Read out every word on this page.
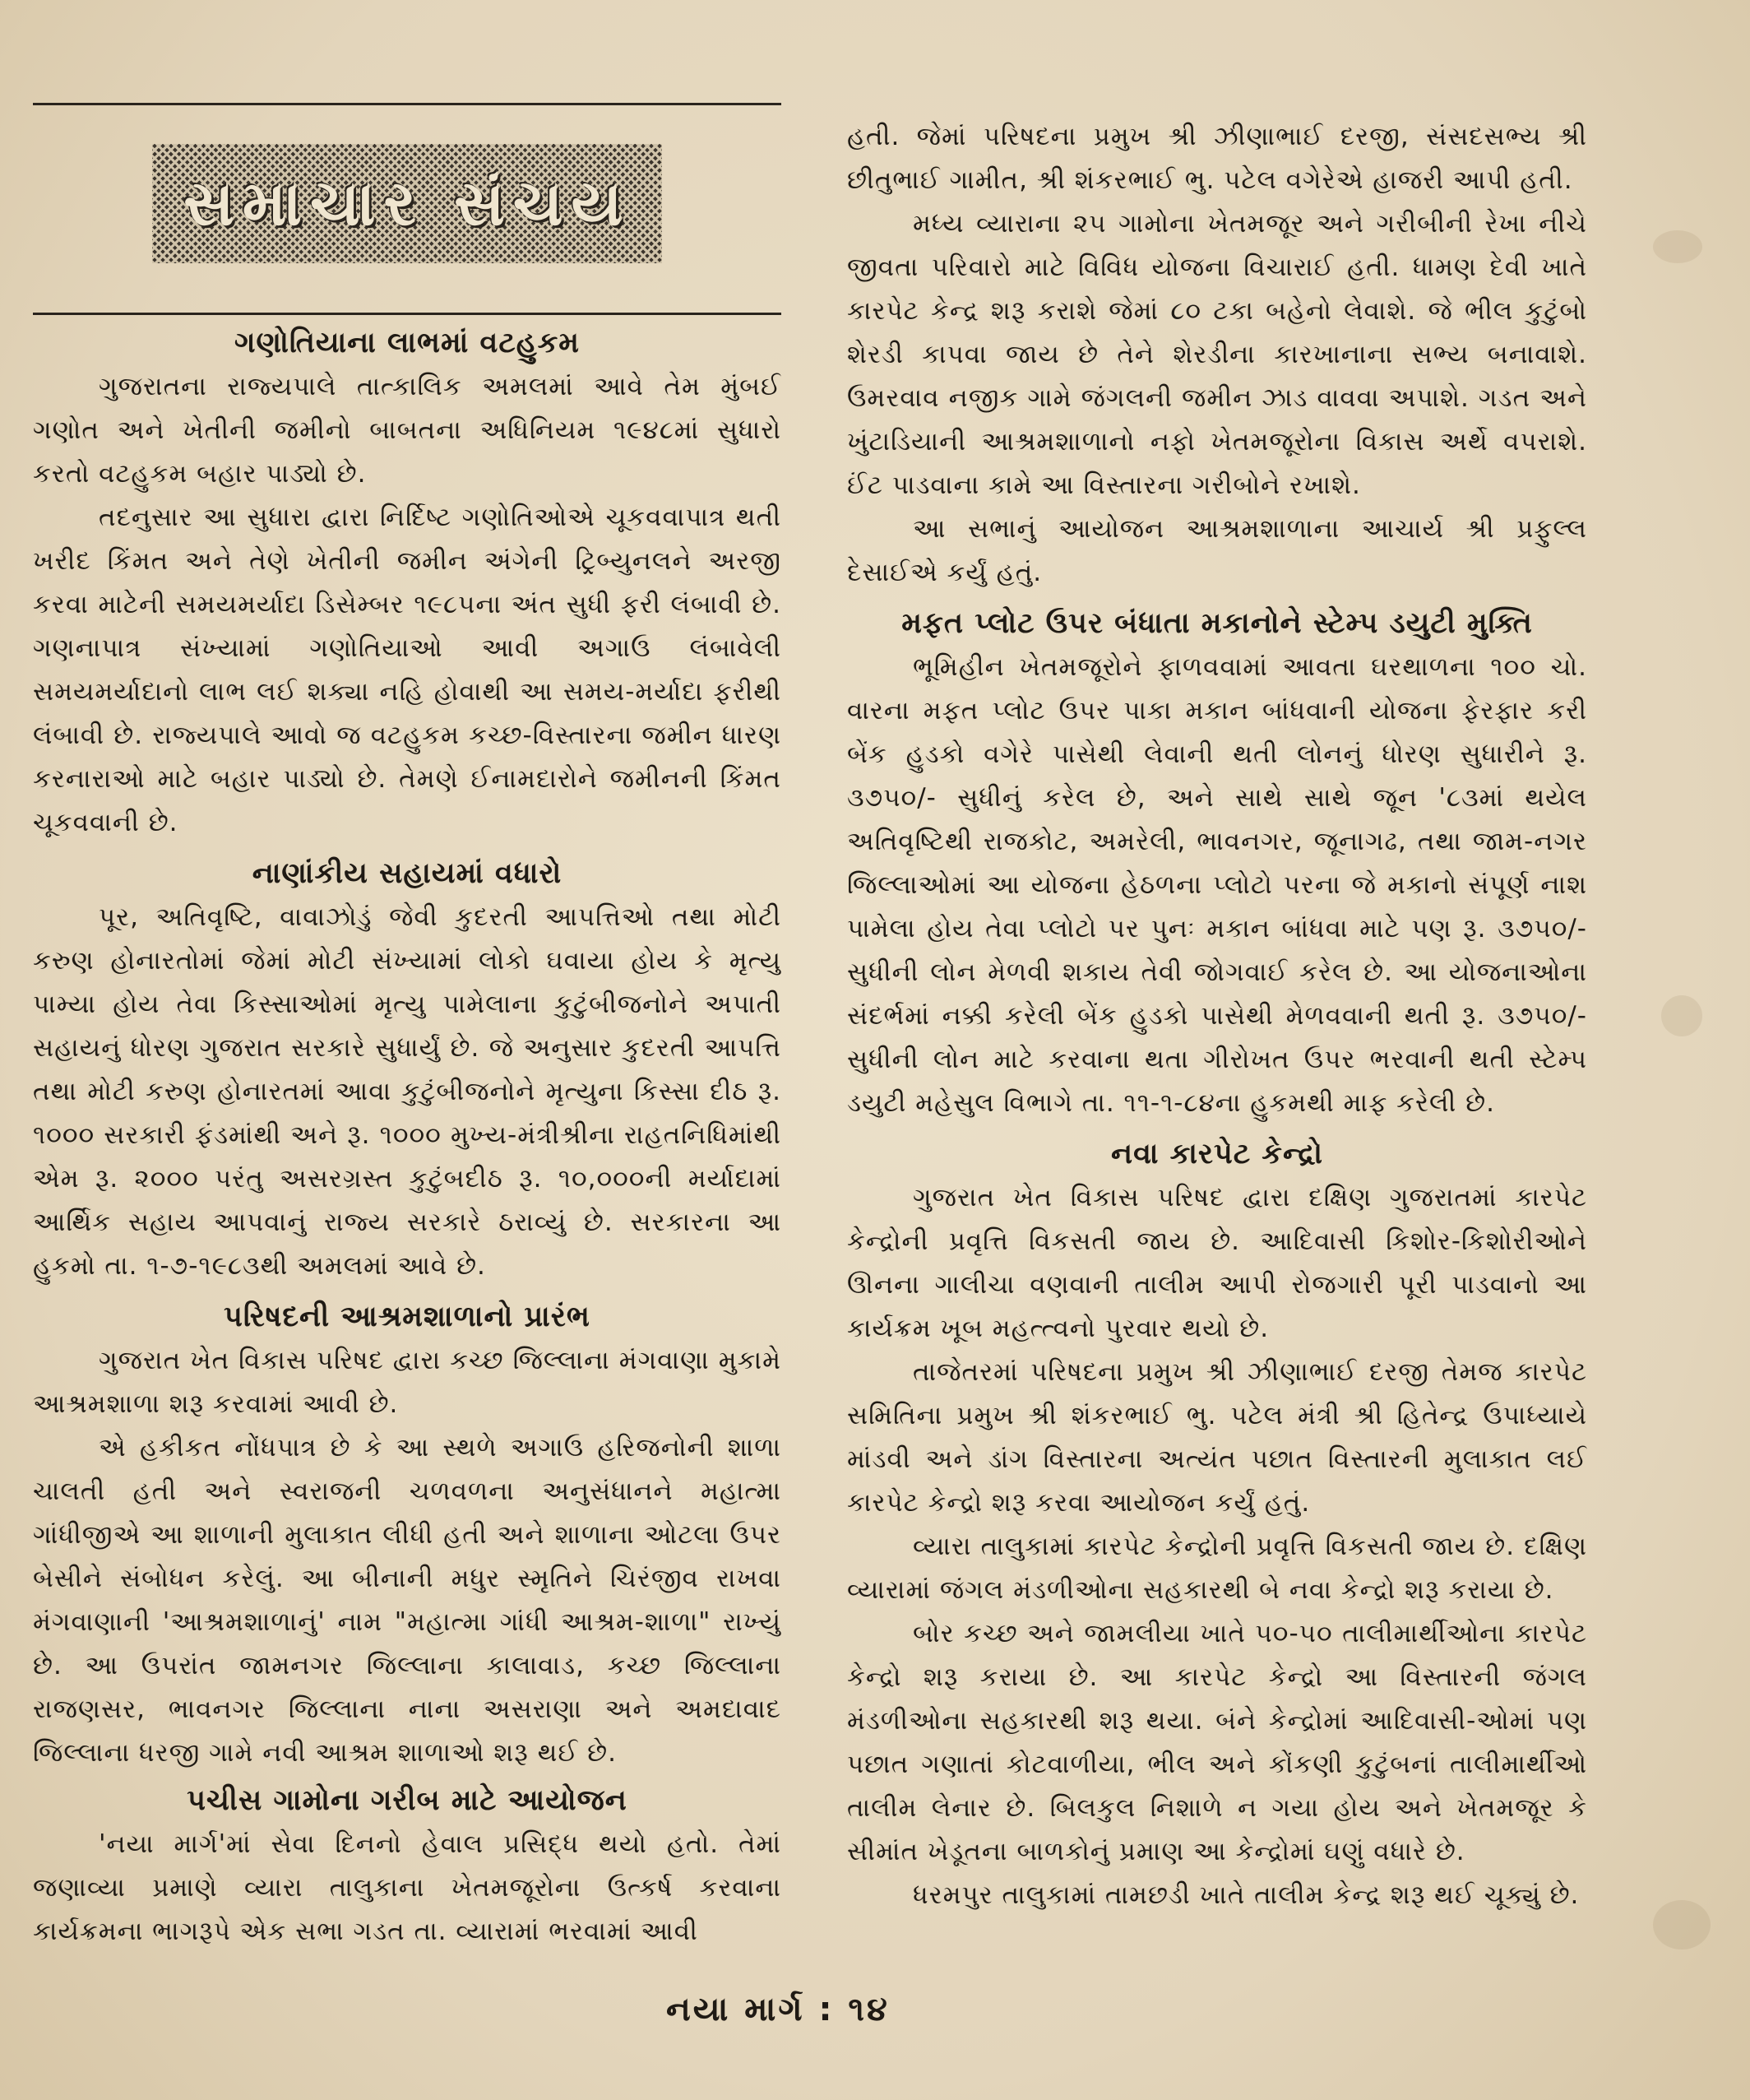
સમાચાર સંચય
ગણોતિયાના લાભમાં વટહુકમ

ગુજરાતના રાજ્યપાલે તાત્કાલિક અમલમાં આવે તેમ મુંબઈ ગણોત અને ખેતીની જમીનો બાબતના અધિનિયમ ૧૯૪૮માં સુધારો કરતો વટહુકમ બહાર પાડ્યો છે.

તદનુસાર આ સુધારા દ્વારા નિર્દિષ્ટ ગણોતિઓએ ચૂકવવાપાત્ર થતી ખરીદ કિંમત અને તેણે ખેતીની જમીન અંગેની ટ્રિબ્યુનલને અરજી કરવા માટેની સમયમર્યાદા ડિસેમ્બર ૧૯૮૫ના અંત સુધી ફરી લંબાવી છે. ગણનાપાત્ર સંખ્યામાં ગણોતિયાઓ આવી અગાઉ લંબાવેલી સમયમર્યાદાનો લાભ લઈ શક્યા નહિ હોવાથી આ સમય-મર્યાદા ફરીથી લંબાવી છે. રાજ્યપાલે આવો જ વટહુકમ કચ્છ-વિસ્તારના જમીન ધારણ કરનારાઓ માટે બહાર પાડ્યો છે. તેમણે ઈનામદારોને જમીનની કિંમત ચૂકવવાની છે.

નાણાંકીય સહાયમાં વધારો

પૂર, અતિવૃષ્ટિ, વાવાઝોડું જેવી કુદરતી આપત્તિઓ તથા મોટી કરુણ હોનારતોમાં જેમાં મોટી સંખ્યામાં લોકો ઘવાયા હોય કે મૃત્યુ પામ્યા હોય તેવા કિસ્સાઓમાં મૃત્યુ પામેલાના કુટુંબીજનોને અપાતી સહાયનું ધોરણ ગુજરાત સરકારે સુધાર્યું છે. જે અનુસાર કુદરતી આપત્તિ તથા મોટી કરુણ હોનારતમાં આવા કુટુંબીજનોને મૃત્યુના કિસ્સા દીઠ રૂ. ૧૦૦૦ સરકારી ફંડમાંથી અને રૂ. ૧૦૦૦ મુખ્ય-મંત્રીશ્રીના રાહતનિધિમાંથી એમ રૂ. ૨૦૦૦ પરંતુ અસરગ્રસ્ત કુટુંબદીઠ રૂ. ૧૦,૦૦૦ની મર્યાદામાં આર્થિક સહાય આપવાનું રાજ્ય સરકારે ઠરાવ્યું છે. સરકારના આ હુકમો તા. ૧-૭-૧૯૮૩થી અમલમાં આવે છે.

પરિષદની આશ્રમશાળાનો પ્રારંભ

ગુજરાત ખેત વિકાસ પરિષદ દ્વારા કચ્છ જિલ્લાના મંગવાણા મુકામે આશ્રમશાળા શરૂ કરવામાં આવી છે.

એ હકીકત નોંધપાત્ર છે કે આ સ્થળે અગાઉ હરિજનોની શાળા ચાલતી હતી અને સ્વરાજની ચળવળના અનુસંધાનને મહાત્મા ગાંધીજીએ આ શાળાની મુલાકાત લીધી હતી અને શાળાના ઓટલા ઉપર બેસીને સંબોધન કરેલું. આ બીનાની મધુર સ્મૃતિને ચિરંજીવ રાખવા મંગવાણાની 'આશ્રમશાળાનું' નામ "મહાત્મા ગાંધી આશ્રમ-શાળા" રાખ્યું છે. આ ઉપરાંત જામનગર જિલ્લાના કાલાવાડ, કચ્છ જિલ્લાના રાજણસર, ભાવનગર જિલ્લાના નાના અસરાણા અને અમદાવાદ જિલ્લાના ધરજી ગામે નવી આશ્રમ શાળાઓ શરૂ થઈ છે.

પચીસ ગામોના ગરીબ માટે આયોજન

'નયા માર્ગ'માં સેવા દિનનો હેવાલ પ્રસિદ્ધ થયો હતો. તેમાં જણાવ્યા પ્રમાણે વ્યારા તાલુકાના ખેતમજૂરોના ઉત્કર્ષ કરવાના કાર્યક્રમના ભાગરૂપે એક સભા ગડત તા. વ્યારામાં ભરવામાં આવી

હતી. જેમાં પરિષદના પ્રમુખ શ્રી ઝીણાભાઈ દરજી, સંસદસભ્ય શ્રી છીતુભાઈ ગામીત, શ્રી શંકરભાઈ ભુ. પટેલ વગેરેએ હાજરી આપી હતી.

મધ્ય વ્યારાના ૨૫ ગામોના ખેતમજૂર અને ગરીબીની રેખા નીચે જીવતા પરિવારો માટે વિવિધ યોજના વિચારાઈ હતી. ધામણ દેવી ખાતે કારપેટ કેન્દ્ર શરૂ કરાશે જેમાં ૮૦ ટકા બહેનો લેવાશે. જે ભીલ કુટુંબો શેરડી કાપવા જાય છે તેને શેરડીના કારખાનાના સભ્ય બનાવાશે. ઉમરવાવ નજીક ગામે જંગલની જમીન ઝાડ વાવવા અપાશે. ગડત અને ખુંટાડિયાની આશ્રમશાળાનો નફો ખેતમજૂરોના વિકાસ અર્થે વપરાશે. ઈંટ પાડવાના કામે આ વિસ્તારના ગરીબોને રખાશે.

આ સભાનું આયોજન આશ્રમશાળાના આચાર્ય શ્રી પ્રફુલ્લ દેસાઈએ કર્યું હતું.

મફત પ્લોટ ઉપર બંધાતા મકાનોને સ્ટેમ્પ ડયુટી મુક્તિ

ભૂમિહીન ખેતમજૂરોને ફાળવવામાં આવતા ઘરથાળના ૧૦૦ ચો. વારના મફત પ્લોટ ઉપર પાકા મકાન બાંધવાની યોજના ફેરફાર કરી બેંક હુડકો વગેરે પાસેથી લેવાની થતી લોનનું ધોરણ સુધારીને રૂ. ૩૭૫૦/- સુધીનું કરેલ છે, અને સાથે સાથે જૂન '૮૩માં થયેલ અતિવૃષ્ટિથી રાજકોટ, અમરેલી, ભાવનગર, જૂનાગઢ, તથા જામ-નગર જિલ્લાઓમાં આ યોજના હેઠળના પ્લોટો પરના જે મકાનો સંપૂર્ણ નાશ પામેલા હોય તેવા પ્લોટો પર પુનઃ મકાન બાંધવા માટે પણ રૂ. ૩૭૫૦/- સુધીની લોન મેળવી શકાય તેવી જોગવાઈ કરેલ છે. આ યોજનાઓના સંદર્ભમાં નક્કી કરેલી બેંક હુડકો પાસેથી મેળવવાની થતી રૂ. ૩૭૫૦/- સુધીની લોન માટે કરવાના થતા ગીરોખત ઉપર ભરવાની થતી સ્ટેમ્પ ડયુટી મહેસુલ વિભાગે તા. ૧૧-૧-૮૪ના હુકમથી માફ કરેલી છે.

નવા કારપેટ કેન્દ્રો

ગુજરાત ખેત વિકાસ પરિષદ દ્વારા દક્ષિણ ગુજરાતમાં કારપેટ કેન્દ્રોની પ્રવૃત્તિ વિકસતી જાય છે. આદિવાસી કિશોર-કિશોરીઓને ઊનના ગાલીચા વણવાની તાલીમ આપી રોજગારી પૂરી પાડવાનો આ કાર્યક્રમ ખૂબ મહત્ત્વનો પુરવાર થયો છે.

તાજેતરમાં પરિષદના પ્રમુખ શ્રી ઝીણાભાઈ દરજી તેમજ કારપેટ સમિતિના પ્રમુખ શ્રી શંકરભાઈ ભુ. પટેલ મંત્રી શ્રી હિતેન્દ્ર ઉપાધ્યાયે માંડવી અને ડાંગ વિસ્તારના અત્યંત પછાત વિસ્તારની મુલાકાત લઈ કારપેટ કેન્દ્રો શરૂ કરવા આયોજન કર્યું હતું.

વ્યારા તાલુકામાં કારપેટ કેન્દ્રોની પ્રવૃત્તિ વિકસતી જાય છે. દક્ષિણ વ્યારામાં જંગલ મંડળીઓના સહકારથી બે નવા કેન્દ્રો શરૂ કરાયા છે.

બોર કચ્છ અને જામલીયા ખાતે ૫૦-૫૦ તાલીમાર્થીઓના કારપેટ કેન્દ્રો શરૂ કરાયા છે. આ કારપેટ કેન્દ્રો આ વિસ્તારની જંગલ મંડળીઓના સહકારથી શરૂ થયા. બંને કેન્દ્રોમાં આદિવાસી-ઓમાં પણ પછાત ગણાતાં કોટવાળીયા, ભીલ અને કોંકણી કુટુંબનાં તાલીમાર્થીઓ તાલીમ લેનાર છે. બિલકુલ નિશાળે ન ગયા હોય અને ખેતમજૂર કે સીમાંત ખેડૂતના બાળકોનું પ્રમાણ આ કેન્દ્રોમાં ઘણું વધારે છે.

ધરમપુર તાલુકામાં તામછડી ખાતે તાલીમ કેન્દ્ર શરૂ થઈ ચૂક્યું છે.

નયા માર્ગ : ૧૪
